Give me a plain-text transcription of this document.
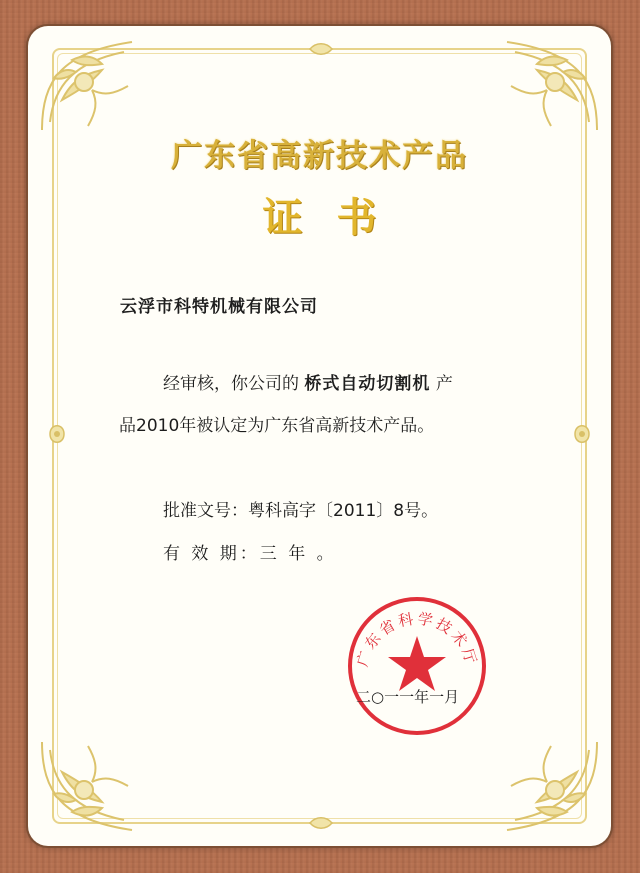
广东省高新技术产品
证书
云浮市科特机械有限公司
经审核，你公司的 桥式自动切割机 产
品2010年被认定为广东省高新技术产品。
批准文号：粤科高字〔2011〕8号。
有 效 期：三 年 。
广东省科学技术厅
二○一一年一月
